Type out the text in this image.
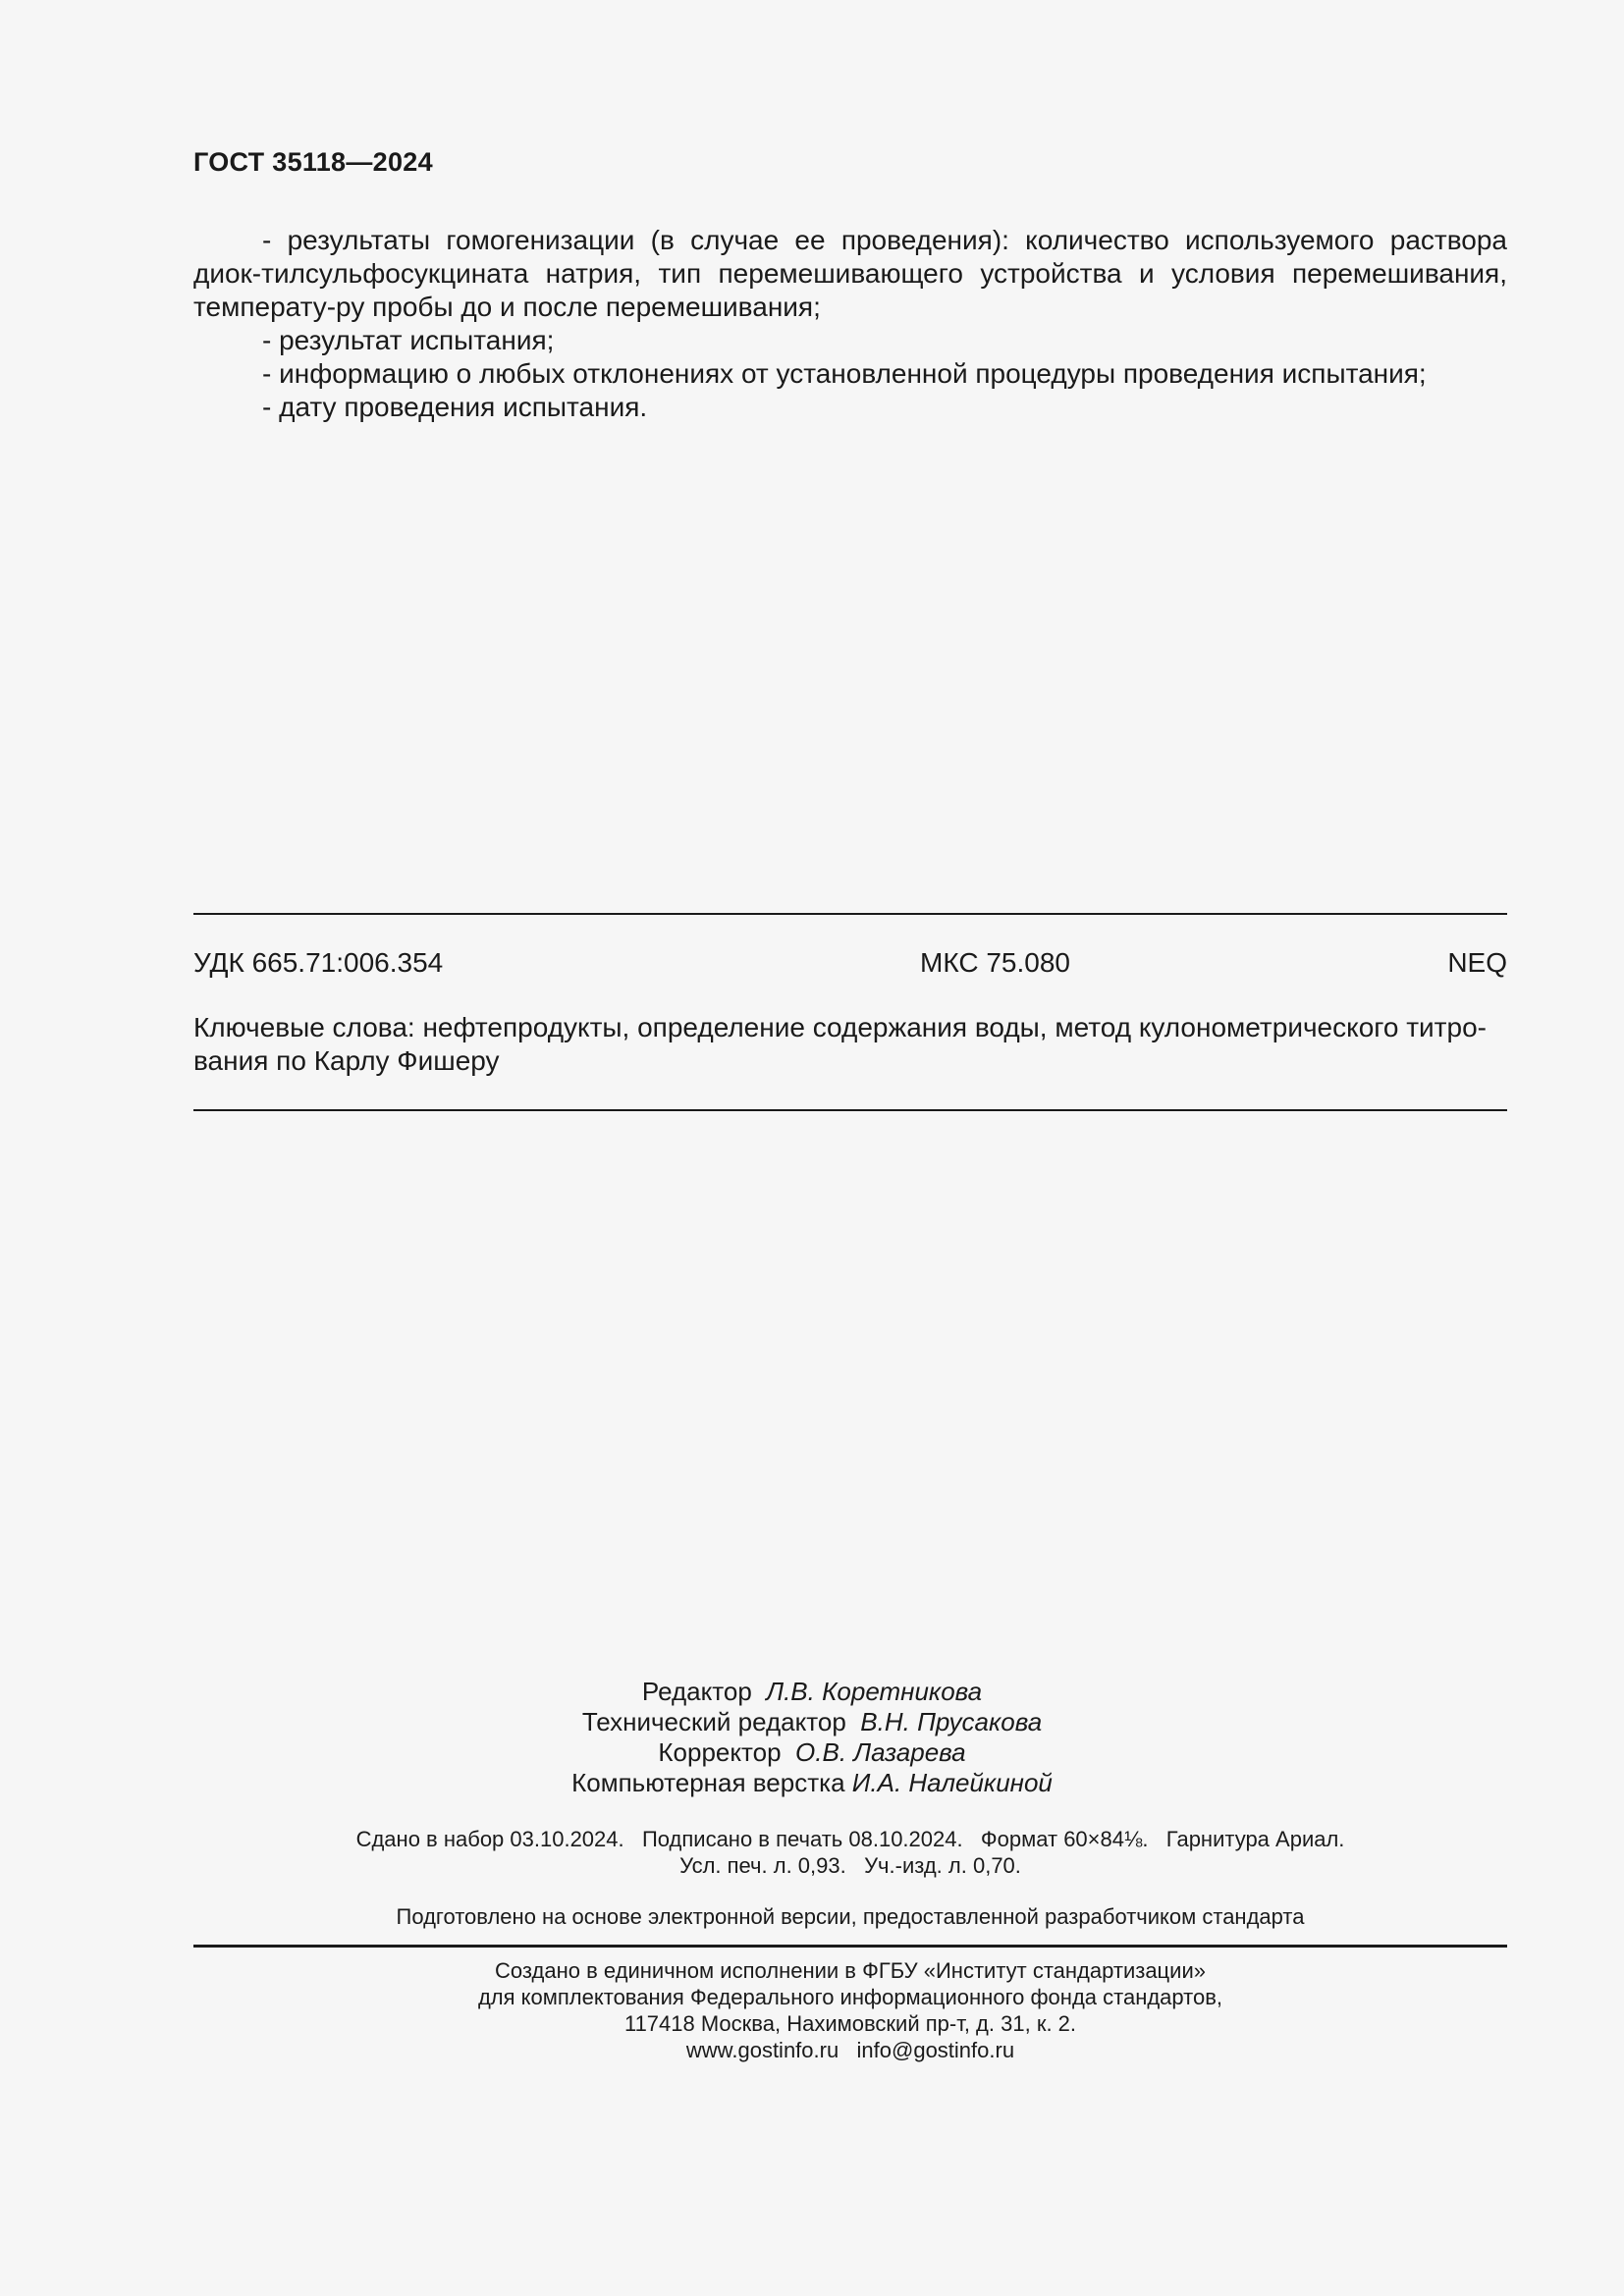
ГОСТ 35118—2024

- результаты гомогенизации (в случае ее проведения): количество используемого раствора диок-тилсульфосукцината натрия, тип перемешивающего устройства и условия перемешивания, температу-ру пробы до и после перемешивания;

- результат испытания;

- информацию о любых отклонениях от установленной процедуры проведения испытания;

- дату проведения испытания.

УДК 665.71:006.354	МКС 75.080	NEQ
Ключевые слова: нефтепродукты, определение содержания воды, метод кулонометрического титро-
вания по Карлу Фишеру
Редактор Л.В. Коретникова
Технический редактор В.Н. Прусакова
Корректор О.В. Лазарева
Компьютерная верстка И.А. Налейкиной
Сдано в набор 03.10.2024.   Подписано в печать 08.10.2024.   Формат 60×84⅛.   Гарнитура Ариал.
Усл. печ. л. 0,93.   Уч.-изд. л. 0,70.
Подготовлено на основе электронной версии, предоставленной разработчиком стандарта
Создано в единичном исполнении в ФГБУ «Институт стандартизации»
для комплектования Федерального информационного фонда стандартов,
117418 Москва, Нахимовский пр-т, д. 31, к. 2.
www.gostinfo.ru   info@gostinfo.ru
